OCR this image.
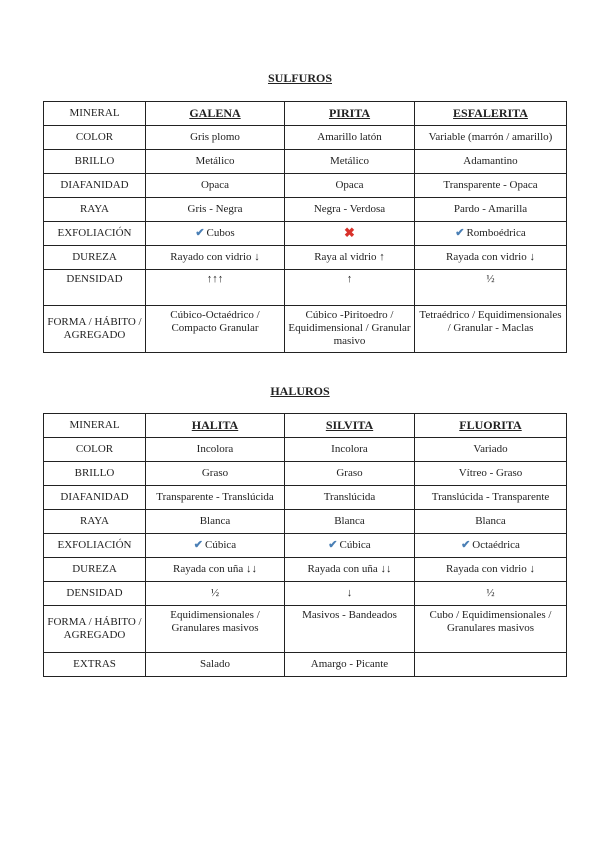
SULFUROS
MINERAL	GALENA	PIRITA	ESFALERITA
COLOR	Gris plomo	Amarillo latón	Variable (marrón / amarillo)
BRILLO	Metálico	Metálico	Adamantino
DIAFANIDAD	Opaca	Opaca	Transparente - Opaca
RAYA	Gris - Negra	Negra - Verdosa	Pardo - Amarilla
EXFOLIACIÓN	✔ Cubos	✖	✔ Romboédrica
DUREZA	Rayado con vidrio ↓	Raya al vidrio ↑	Rayada con vidrio ↓
DENSIDAD	↑↑↑	↑	½
FORMA / HÁBITO / AGREGADO	Cúbico-Octaédrico / Compacto Granular	Cúbico -Piritoedro / Equidimensional / Granular masivo	Tetraédrico / Equidimensionales / Granular - Maclas
HALUROS
MINERAL	HALITA	SILVITA	FLUORITA
COLOR	Incolora	Incolora	Variado
BRILLO	Graso	Graso	Vítreo - Graso
DIAFANIDAD	Transparente - Translúcida	Translúcida	Translúcida - Transparente
RAYA	Blanca	Blanca	Blanca
EXFOLIACIÓN	✔ Cúbica	✔ Cúbica	✔ Octaédrica
DUREZA	Rayada con uña ↓↓	Rayada con uña ↓↓	Rayada con vidrio ↓
DENSIDAD	½	↓	½
FORMA / HÁBITO / AGREGADO	Equidimensionales / Granulares masivos	Masivos - Bandeados	Cubo / Equidimensionales / Granulares masivos
EXTRAS	Salado	Amargo - Picante	
